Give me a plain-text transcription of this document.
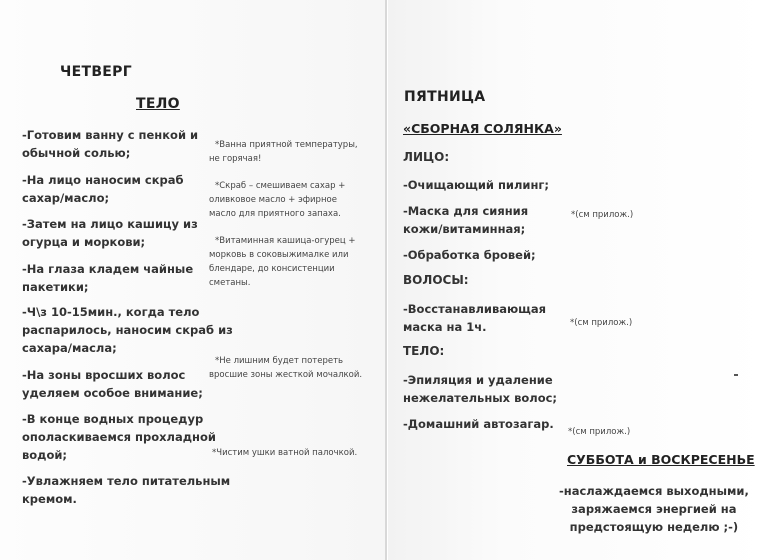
ЧЕТВЕРГ
ТЕЛО
-Готовим ванну с пенкой и
обычной солью;
-На лицо наносим скраб
сахар/масло;
-Затем на лицо кашицу из
огурца и моркови;
-На глаза кладем чайные
пакетики;
-Ч\з 10-15мин., когда тело
распарилось, наносим скраб из
сахара/масла;
-На зоны вросших волос
уделяем особое внимание;
-В конце водных процедур
ополаскиваемся прохладной
водой;
-Увлажняем тело питательным
кремом.
*Ванна приятной температуры,
не горячая!
*Скраб – смешиваем сахар +
оливковое масло + эфирное
масло для приятного запаха.
*Витаминная кашица-огурец +
морковь в соковыжималке или
блендаре, до консистенции
сметаны.
*Не лишним будет потереть
вросшие зоны жесткой мочалкой.
*Чистим ушки ватной палочкой.
ПЯТНИЦА
«СБОРНАЯ СОЛЯНКА»
ЛИЦО:
-Очищающий пилинг;
-Маска для сияния
кожи/витаминная;
-Обработка бровей;
ВОЛОСЫ:
-Восстанавливающая
маска на 1ч.
ТЕЛО:
-Эпиляция и удаление
нежелательных волос;
-Домашний автозагар.
*(см прилож.)
*(см прилож.)
*(см прилож.)
СУББОТА и ВОСКРЕСЕНЬЕ
-наслаждаемся выходными,
заряжаемся энергией на
предстоящую неделю ;-)
